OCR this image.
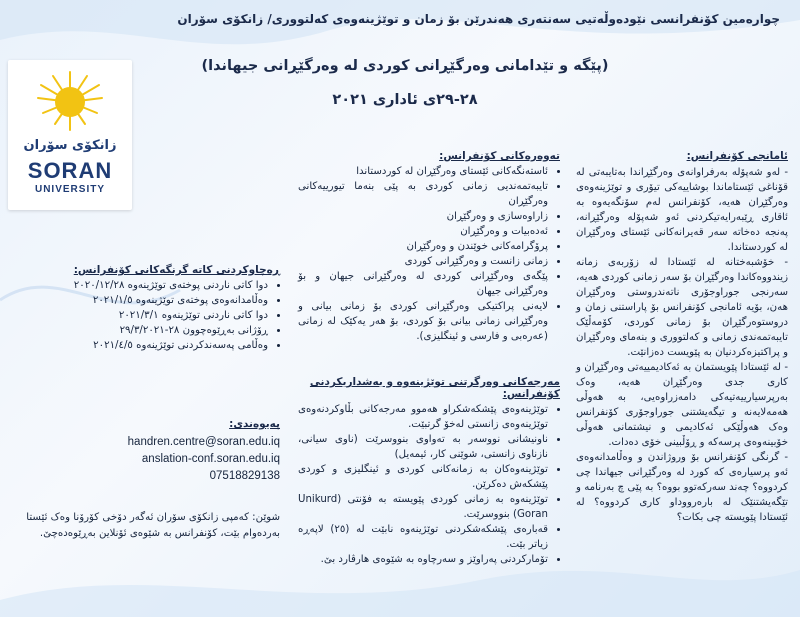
چوارەمین کۆنفرانسی نێودەوڵەتیی سەنتەری هەندرێن بۆ زمان و توێژینەوەی کەلتووری/ زانکۆی سۆران
(پێگە و تێدامانی وەرگێڕانی کوردی لە وەرگێڕانی جیهاندا)
٢٨-٢٩ی ئاداری ٢٠٢١
زانکۆی سۆران
SORAN
UNIVERSITY
ئامانجی کۆنفرانس:

- لەو شەپۆلە بەرفراوانەی وەرگێڕاندا بەتایبەتی لە قۆناغی ئێستاماندا بوشاییەکی تیۆری و توێژینەوەی وەرگێڕان هەیە، کۆنفرانس لەم سۆنگەیەوە بە ئاقاری ڕێبەرایەتیکردنی ئەو شەپۆلە وەرگێڕانە، پەنجە دەخاتە سەر قەیرانەکانی ئێستای وەرگێڕان لە کوردستاندا.

- خۆشبەختانە لە ئێستادا لە زۆربەی زمانە زیندووەکاندا وەرگێڕان بۆ سەر زمانی کوردی هەیە، سەرنجی جوراوجۆری ناتەندروستی وەرگێڕان هەن، بۆیە ئامانجی کۆنفرانس بۆ پاراستنی زمان و دروستوەرگێڕان بۆ زمانی کوردی، کۆمەڵێک تایبەتمەندی زمانی و کەلتووری و بنەمای وەرگێڕان و پراکتیزەکردنیان بە پێویست دەزانێت.

- لە ئێستادا پێویستمان بە ئەکادیمییەتی وەرگێڕان و کاری جدی وەرگێڕان هەیە، وەک بەرپرسیارییەتیەکی دامەزراوەیی، بە هەوڵی هەمەلایەنە و تیگەیشتنی جوراوجۆری کۆنفرانس وەک هەوڵێکی ئەکادیمی و نیشتمانی هەوڵی خۆبینەوەی پرسەکە و ڕۆڵبینی خۆی دەدات.

- گرنگی کۆنفرانس بۆ وروژاندن و وەڵامدانەوەی ئەو پرسیارەی کە کورد لە وەرگێڕانی جیهاندا چی کردووە؟ چەند سەرکەتوو بووە؟ بە پێی چ بەرنامە و تێگەیشتنێک لە بارەرووداو کاری کردووە؟ لە ئێستادا پێویستە چی بکات؟

تەوەرەکانی کۆنفرانس:
• ئاستەنگەکانی ئێستای وەرگێڕان لە کوردستاندا
• تایبەتمەندیی زمانی کوردی بە پێی بنەما تیورییەکانی وەرگێڕان
• زاراوەسازی و وەرگێڕان
• ئەدەبیات و وەرگێڕان
• پرۆگرامەکانی خوێندن و وەرگێڕان
• زمانی زانست و وەرگێڕانی کوردی
• پێگەی وەرگێڕانی کوردی لە وەرگێڕانی جیهان و بۆ وەرگێڕانی جیهان
• لایەنی پراکتیکی وەرگێڕانی کوردی بۆ زمانی بیانی و وەرگێڕانی زمانی بیانی بۆ کوردی، بۆ هەر یەکێک لە زمانی (عەرەبی و فارسی و ئینگلیزی).
مەرجەکانی وەرگرتنی توێژینەوە و بەشداریکردنی کۆنفرانس:
• توێژینەوەی پێشکەشکراو هەموو مەرجەکانی بڵاوکردنەوەی توێژینەوەی زانستی لەخۆ گرتبێت.
• ناونیشانی نووسەر بە تەواوی بنووسرێت (ناوی سیانی، نازناوی زانستی، شوێنی کار، ئیمەیل)
• توێژینەوەکان بە زمانەکانی کوردی و ئینگلیزی و کوردی پێشکەش دەکرێن.
• توێژینەوە بە زمانی کوردی پێویستە بە فۆنتی (Unikurd Goran) بنووسرێت.
• قەبارەی پێشکەشکردنی توێژینەوە نابێت لە (٢٥) لاپەڕە زیاتر بێت.
• تۆمارکردنی پەراوێز و سەرچاوە بە شێوەی هارڤارد بێ.
ڕەچاوکردنی کاتە گرنگەکانی کۆنفرانس:
• دوا کاتی ناردنی پوختەی توێژینەوە ٢٠٢٠/١٢/٢٨
• وەڵامدانەوەی پوختەی توێژینەوە ٢٠٢١/١/٥
• دوا کاتی ناردنی توێژینەوە ٢٠٢١/٣/١
• ڕۆژانی بەڕێوەچوون ٢٨-٢٩/٣/٢٠٢١
• وەڵامی پەسەندکردنی توێژینەوە ٢٠٢١/٤/٥
پەیوەندی:
handren.centre@soran.edu.iq
anslation-conf.soran.edu.iq
07518829138
شوێن: کەمپی زانکۆی سۆران ئەگەر دۆخی کۆرۆنا وەک ئێستا بەردەوام بێت، کۆنفرانس بە شێوەی ئۆنلاین بەڕێوەدەچێ.
